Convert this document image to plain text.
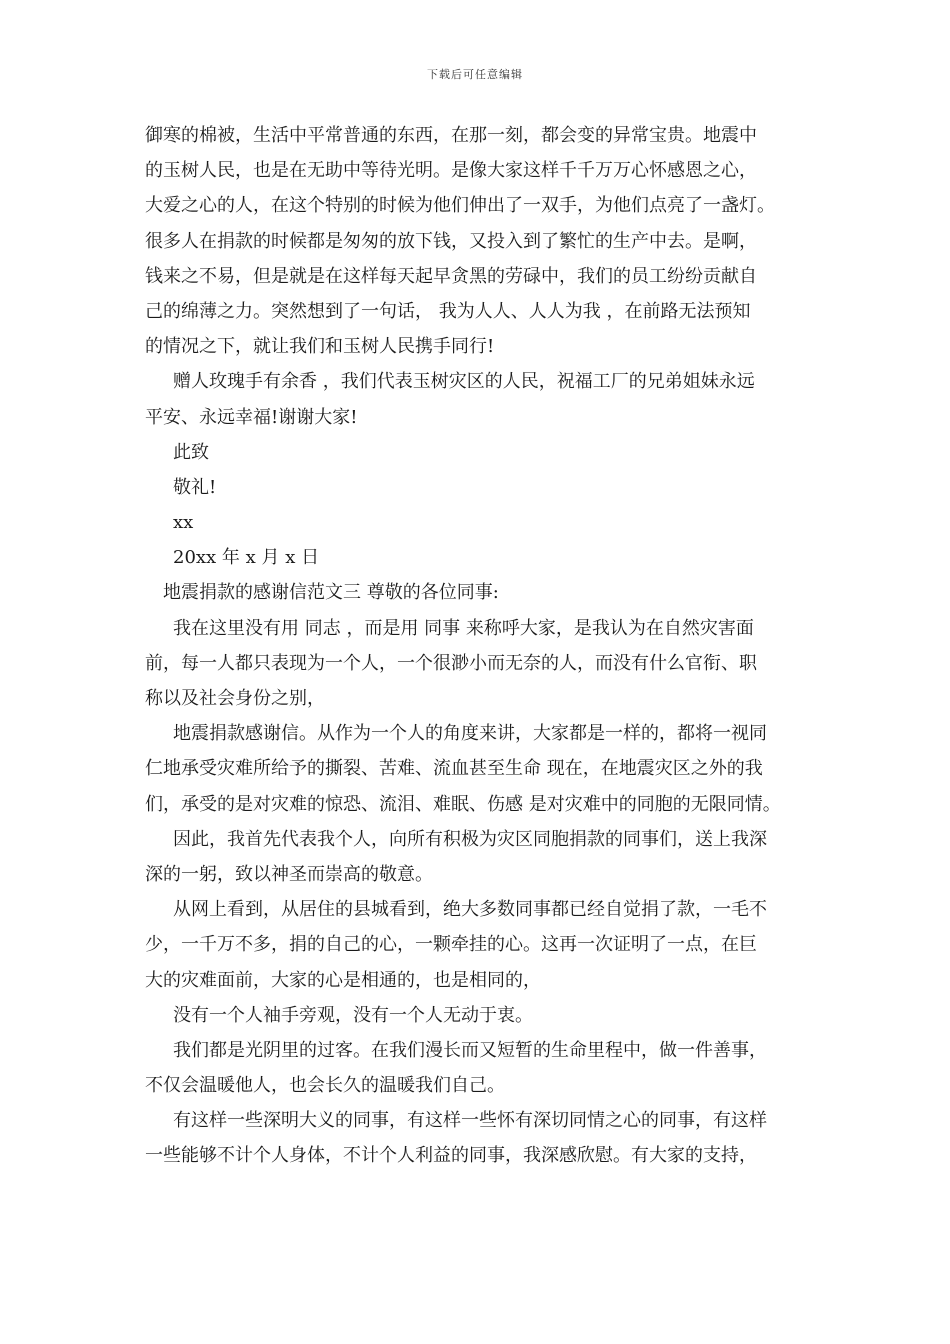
下载后可任意编辑
御寒的棉被，生活中平常普通的东西，在那一刻，都会变的异常宝贵。地震中
的玉树人民，也是在无助中等待光明。是像大家这样千千万万心怀感恩之心，
大爱之心的人，在这个特别的时候为他们伸出了一双手，为他们点亮了一盏灯。
很多人在捐款的时候都是匆匆的放下钱，又投入到了繁忙的生产中去。是啊，
钱来之不易，但是就是在这样每天起早贪黑的劳碌中，我们的员工纷纷贡献自
己的绵薄之力。突然想到了一句话， 我为人人、人人为我 ，在前路无法预知
的情况之下，就让我们和玉树人民携手同行!
赠人玫瑰手有余香 ，我们代表玉树灾区的人民，祝福工厂的兄弟姐妹永远
平安、永远幸福!谢谢大家!
此致
敬礼!
xx
20xx 年 x 月 x 日
地震捐款的感谢信范文三 尊敬的各位同事:
我在这里没有用 同志 ，而是用 同事 来称呼大家，是我认为在自然灾害面
前，每一人都只表现为一个人，一个很渺小而无奈的人，而没有什么官衔、职
称以及社会身份之别，
地震捐款感谢信。从作为一个人的角度来讲，大家都是一样的，都将一视同
仁地承受灾难所给予的撕裂、苦难、流血甚至生命 现在，在地震灾区之外的我
们，承受的是对灾难的惊恐、流泪、难眠、伤感 是对灾难中的同胞的无限同情。
因此，我首先代表我个人，向所有积极为灾区同胞捐款的同事们，送上我深
深的一躬，致以神圣而崇高的敬意。
从网上看到，从居住的县城看到，绝大多数同事都已经自觉捐了款，一毛不
少，一千万不多，捐的自己的心，一颗牵挂的心。这再一次证明了一点，在巨
大的灾难面前，大家的心是相通的，也是相同的，
没有一个人袖手旁观，没有一个人无动于衷。
我们都是光阴里的过客。在我们漫长而又短暂的生命里程中，做一件善事，
不仅会温暖他人，也会长久的温暖我们自己。
有这样一些深明大义的同事，有这样一些怀有深切同情之心的同事，有这样
一些能够不计个人身体，不计个人利益的同事，我深感欣慰。有大家的支持，
